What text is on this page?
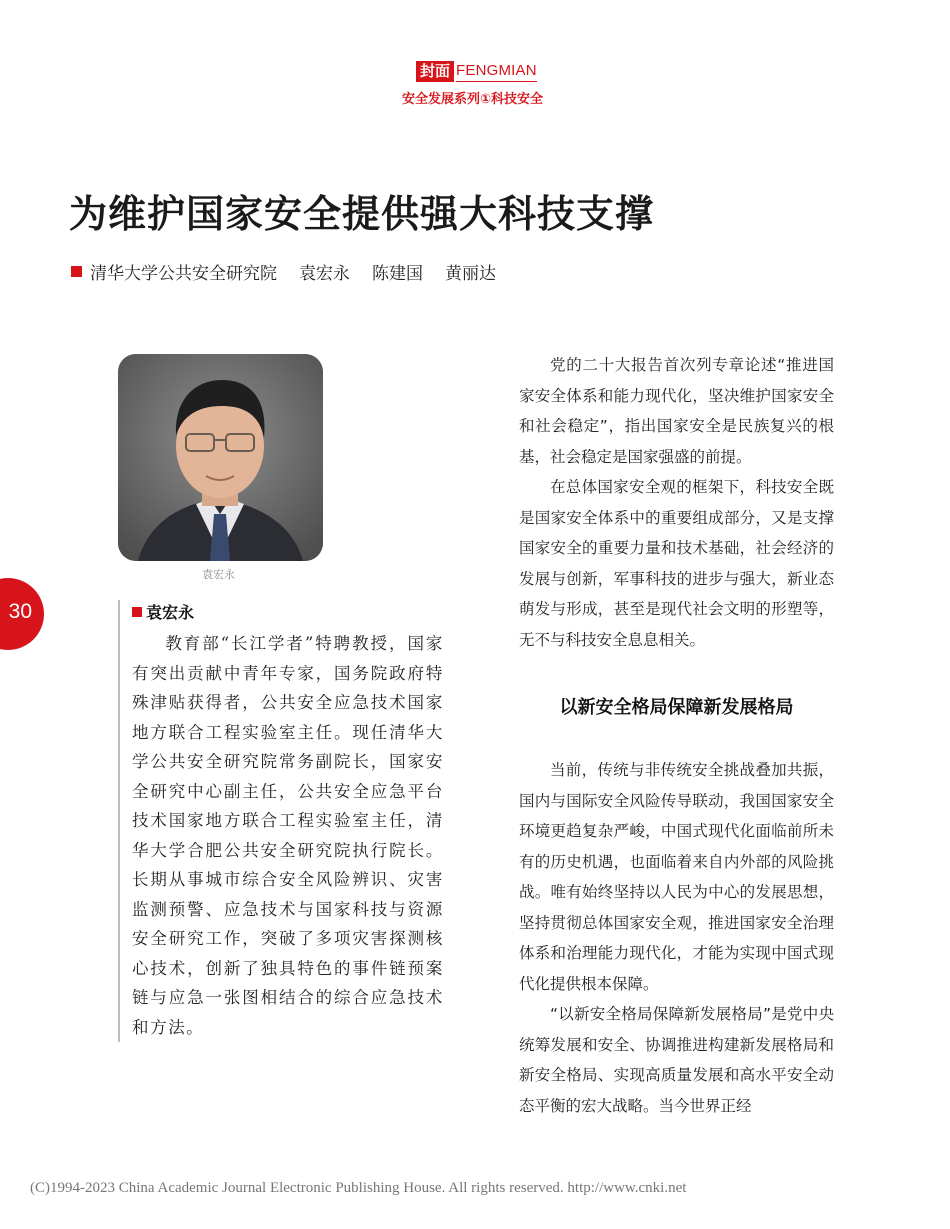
封面 FENGMIAN
安全发展系列①科技安全
为维护国家安全提供强大科技支撑
清华大学公共安全研究院 袁宏永 陈建国 黄丽达
袁宏永
30	袁宏永
教育部“长江学者”特聘教授，国家有突出贡献中青年专家，国务院政府特殊津贴获得者，公共安全应急技术国家地方联合工程实验室主任。现任清华大学公共安全研究院常务副院长，国家安全研究中心副主任，公共安全应急平台技术国家地方联合工程实验室主任，清华大学合肥公共安全研究院执行院长。长期从事城市综合安全风险辨识、灾害监测预警、应急技术与国家科技与资源安全研究工作，突破了多项灾害探测核心技术，创新了独具特色的事件链预案链与应急一张图相结合的综合应急技术和方法。

党的二十大报告首次列专章论述“推进国家安全体系和能力现代化，坚决维护国家安全和社会稳定”，指出国家安全是民族复兴的根基，社会稳定是国家强盛的前提。

在总体国家安全观的框架下，科技安全既是国家安全体系中的重要组成部分，又是支撑国家安全的重要力量和技术基础，社会经济的发展与创新，军事科技的进步与强大，新业态萌发与形成，甚至是现代社会文明的形塑等，无不与科技安全息息相关。

以新安全格局保障新发展格局

当前，传统与非传统安全挑战叠加共振，国内与国际安全风险传导联动，我国国家安全环境更趋复杂严峻，中国式现代化面临前所未有的历史机遇，也面临着来自内外部的风险挑战。唯有始终坚持以人民为中心的发展思想，坚持贯彻总体国家安全观，推进国家安全治理体系和治理能力现代化，才能为实现中国式现代化提供根本保障。

“以新安全格局保障新发展格局”是党中央统筹发展和安全、协调推进构建新发展格局和新安全格局、实现高质量发展和高水平安全动态平衡的宏大战略。当今世界正经

(C)1994-2023 China Academic Journal Electronic Publishing House. All rights reserved. http://www.cnki.net
